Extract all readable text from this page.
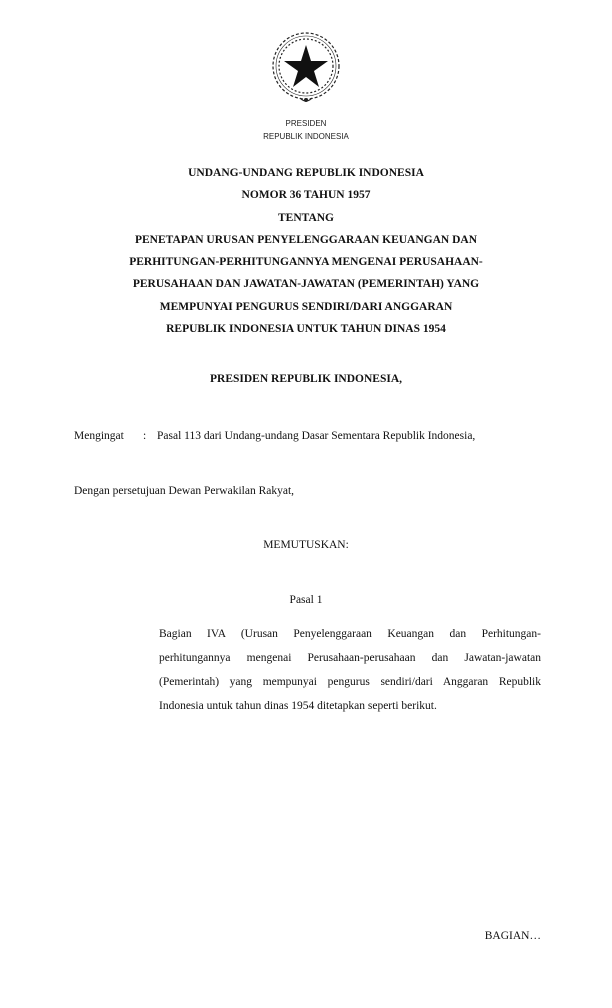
PRESIDEN
REPUBLIK INDONESIA
UNDANG-UNDANG REPUBLIK INDONESIA
NOMOR 36 TAHUN 1957
TENTANG
PENETAPAN URUSAN PENYELENGGARAAN KEUANGAN DAN
PERHITUNGAN-PERHITUNGANNYA MENGENAI PERUSAHAAN-
PERUSAHAAN DAN JAWATAN-JAWATAN (PEMERINTAH) YANG
MEMPUNYAI PENGURUS SENDIRI/DARI ANGGARAN
REPUBLIK INDONESIA UNTUK TAHUN DINAS 1954
PRESIDEN REPUBLIK INDONESIA,
Mengingat : Pasal 113 dari Undang-undang Dasar Sementara Republik Indonesia,
Dengan persetujuan Dewan Perwakilan Rakyat,
MEMUTUSKAN:
Pasal 1
Bagian IVA (Urusan Penyelenggaraan Keuangan dan Perhitungan-
perhitungannya mengenai Perusahaan-perusahaan dan Jawatan-jawatan
(Pemerintah) yang mempunyai pengurus sendiri/dari Anggaran Republik
Indonesia untuk tahun dinas 1954 ditetapkan seperti berikut.
BAGIAN…
